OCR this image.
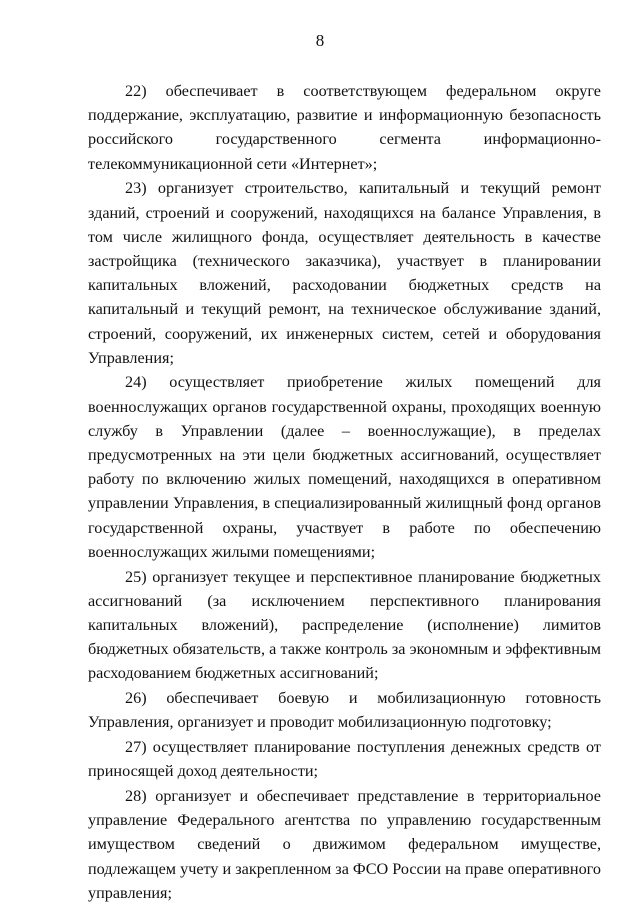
8

22) обеспечивает в соответствующем федеральном округе поддержание, эксплуатацию, развитие и информационную безопасность российского государственного сегмента информационно-телекоммуникационной сети «Интернет»;

23) организует строительство, капитальный и текущий ремонт зданий, строений и сооружений, находящихся на балансе Управления, в том числе жилищного фонда, осуществляет деятельность в качестве застройщика (технического заказчика), участвует в планировании капитальных вложений, расходовании бюджетных средств на капитальный и текущий ремонт, на техническое обслуживание зданий, строений, сооружений, их инженерных систем, сетей и оборудования Управления;

24) осуществляет приобретение жилых помещений для военнослужащих органов государственной охраны, проходящих военную службу в Управлении (далее – военнослужащие), в пределах предусмотренных на эти цели бюджетных ассигнований, осуществляет работу по включению жилых помещений, находящихся в оперативном управлении Управления, в специализированный жилищный фонд органов государственной охраны, участвует в работе по обеспечению военнослужащих жилыми помещениями;

25) организует текущее и перспективное планирование бюджетных ассигнований (за исключением перспективного планирования капитальных вложений), распределение (исполнение) лимитов бюджетных обязательств, а также контроль за экономным и эффективным расходованием бюджетных ассигнований;

26) обеспечивает боевую и мобилизационную готовность Управления, организует и проводит мобилизационную подготовку;

27) осуществляет планирование поступления денежных средств от приносящей доход деятельности;

28) организует и обеспечивает представление в территориальное управление Федерального агентства по управлению государственным имуществом сведений о движимом федеральном имуществе, подлежащем учету и закрепленном за ФСО России на праве оперативного управления;
